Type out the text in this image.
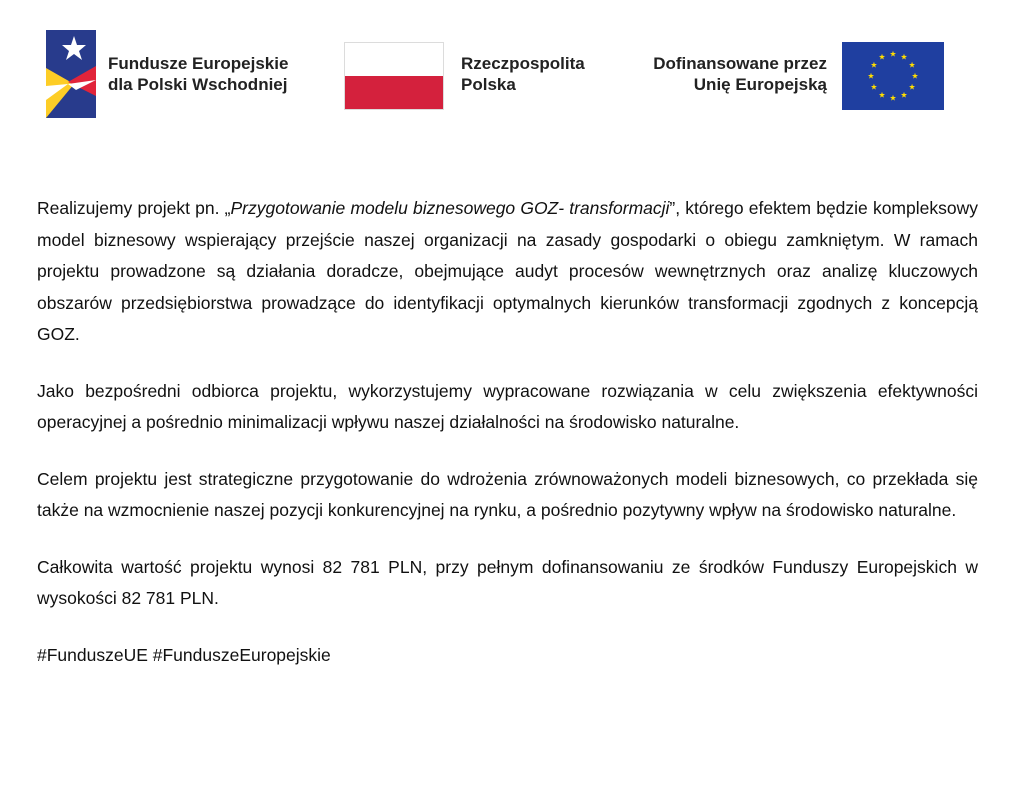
Fundusze Europejskie
dla Polski Wschodniej
Rzeczpospolita
Polska
Dofinansowane przez
Unię Europejską

Realizujemy projekt pn. „Przygotowanie modelu biznesowego GOZ- transformacji”, którego efektem będzie kompleksowy model biznesowy wspierający przejście naszej organizacji na zasady gospodarki o obiegu zamkniętym. W ramach projektu prowadzone są działania doradcze, obejmujące audyt procesów wewnętrznych oraz analizę kluczowych obszarów przedsiębiorstwa prowadzące do identyfikacji optymalnych kierunków transformacji zgodnych z koncepcją GOZ.

Jako bezpośredni odbiorca projektu, wykorzystujemy wypracowane rozwiązania w celu zwiększenia efektywności operacyjnej a pośrednio minimalizacji wpływu naszej działalności na środowisko naturalne.

Celem projektu jest strategiczne przygotowanie do wdrożenia zrównoważonych modeli biznesowych, co przekłada się także na wzmocnienie naszej pozycji konkurencyjnej na rynku, a pośrednio pozytywny wpływ na środowisko naturalne.

Całkowita wartość projektu wynosi 82 781 PLN, przy pełnym dofinansowaniu ze środków Funduszy Europejskich w wysokości 82 781 PLN.

#FunduszeUE #FunduszeEuropejskie
